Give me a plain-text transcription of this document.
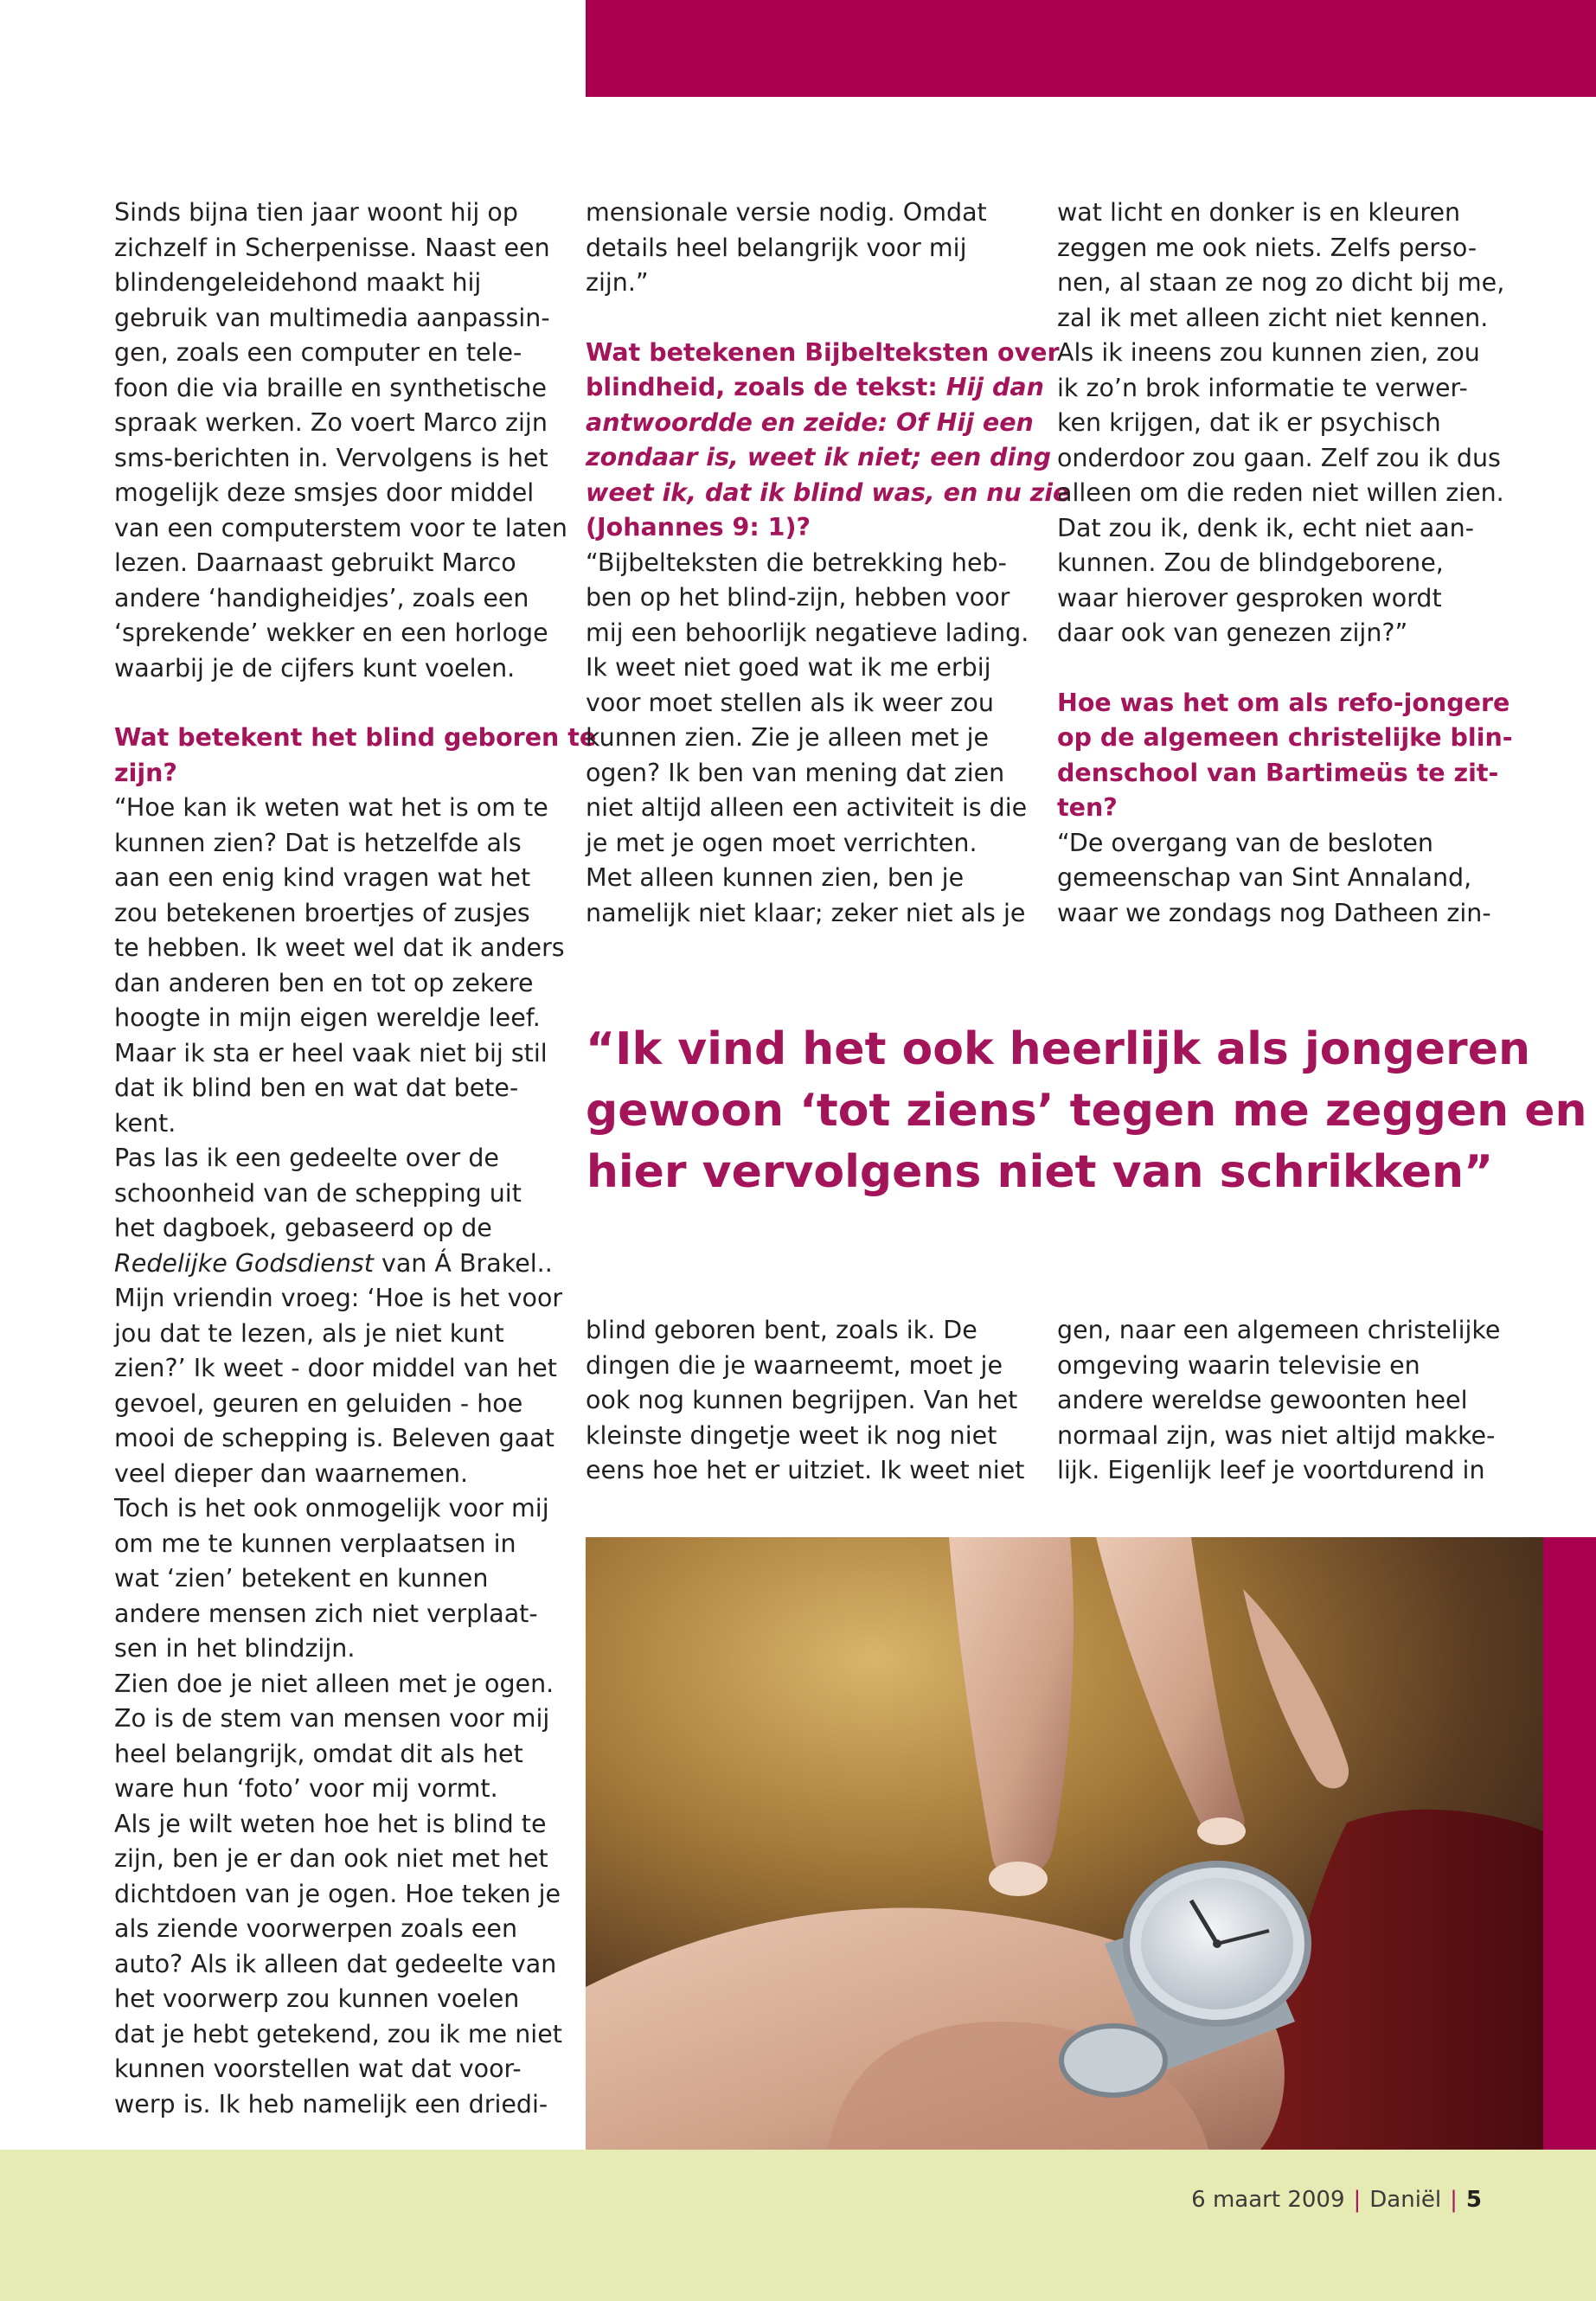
Sinds bijna tien jaar woont hij op

zichzelf in Scherpenisse. Naast een

blindengeleidehond maakt hij

gebruik van multimedia aanpassin-

gen, zoals een computer en tele-

foon die via braille en synthetische

spraak werken. Zo voert Marco zijn

sms-berichten in. Vervolgens is het

mogelijk deze smsjes door middel

van een computerstem voor te laten

lezen. Daarnaast gebruikt Marco

andere ‘handigheidjes’, zoals een

‘sprekende’ wekker en een horloge

waarbij je de cijfers kunt voelen.

Wat betekent het blind geboren te

zijn?

“Hoe kan ik weten wat het is om te

kunnen zien? Dat is hetzelfde als

aan een enig kind vragen wat het

zou betekenen broertjes of zusjes

te hebben. Ik weet wel dat ik anders

dan anderen ben en tot op zekere

hoogte in mijn eigen wereldje leef.

Maar ik sta er heel vaak niet bij stil

dat ik blind ben en wat dat bete-

kent.

Pas las ik een gedeelte over de

schoonheid van de schepping uit

het dagboek, gebaseerd op de

Redelijke Godsdienst van Á Brakel..

Mijn vriendin vroeg: ‘Hoe is het voor

jou dat te lezen, als je niet kunt

zien?’ Ik weet - door middel van het

gevoel, geuren en geluiden - hoe

mooi de schepping is. Beleven gaat

veel dieper dan waarnemen.

Toch is het ook onmogelijk voor mij

om me te kunnen verplaatsen in

wat ‘zien’ betekent en kunnen

andere mensen zich niet verplaat-

sen in het blindzijn.

Zien doe je niet alleen met je ogen.

Zo is de stem van mensen voor mij

heel belangrijk, omdat dit als het

ware hun ‘foto’ voor mij vormt.

Als je wilt weten hoe het is blind te

zijn, ben je er dan ook niet met het

dichtdoen van je ogen. Hoe teken je

als ziende voorwerpen zoals een

auto? Als ik alleen dat gedeelte van

het voorwerp zou kunnen voelen

dat je hebt getekend, zou ik me niet

kunnen voorstellen wat dat voor-

werp is. Ik heb namelijk een driedi-

mensionale versie nodig. Omdat

details heel belangrijk voor mij

zijn.”

Wat betekenen Bijbelteksten over

blindheid, zoals de tekst: Hij dan

antwoordde en zeide: Of Hij een

zondaar is, weet ik niet; een ding

weet ik, dat ik blind was, en nu zie

(Johannes 9: 1)?

“Bijbelteksten die betrekking heb-

ben op het blind-zijn, hebben voor

mij een behoorlijk negatieve lading.

Ik weet niet goed wat ik me erbij

voor moet stellen als ik weer zou

kunnen zien. Zie je alleen met je

ogen? Ik ben van mening dat zien

niet altijd alleen een activiteit is die

je met je ogen moet verrichten.

Met alleen kunnen zien, ben je

namelijk niet klaar; zeker niet als je

wat licht en donker is en kleuren

zeggen me ook niets. Zelfs perso-

nen, al staan ze nog zo dicht bij me,

zal ik met alleen zicht niet kennen.

Als ik ineens zou kunnen zien, zou

ik zo’n brok informatie te verwer-

ken krijgen, dat ik er psychisch

onderdoor zou gaan. Zelf zou ik dus

alleen om die reden niet willen zien.

Dat zou ik, denk ik, echt niet aan-

kunnen. Zou de blindgeborene,

waar hierover gesproken wordt

daar ook van genezen zijn?”

Hoe was het om als refo-jongere

op de algemeen christelijke blin-

denschool van Bartimeüs te zit-

ten?

“De overgang van de besloten

gemeenschap van Sint Annaland,

waar we zondags nog Datheen zin-

“Ik vind het ook heerlijk als jongeren
gewoon ‘tot ziens’ tegen me zeggen en
hier vervolgens niet van schrikken”

blind geboren bent, zoals ik. De

dingen die je waarneemt, moet je

ook nog kunnen begrijpen. Van het

kleinste dingetje weet ik nog niet

eens hoe het er uitziet. Ik weet niet

gen, naar een algemeen christelijke

omgeving waarin televisie en

andere wereldse gewoonten heel

normaal zijn, was niet altijd makke-

lijk. Eigenlijk leef je voortdurend in

6 maart 2009 | Daniël | 5
